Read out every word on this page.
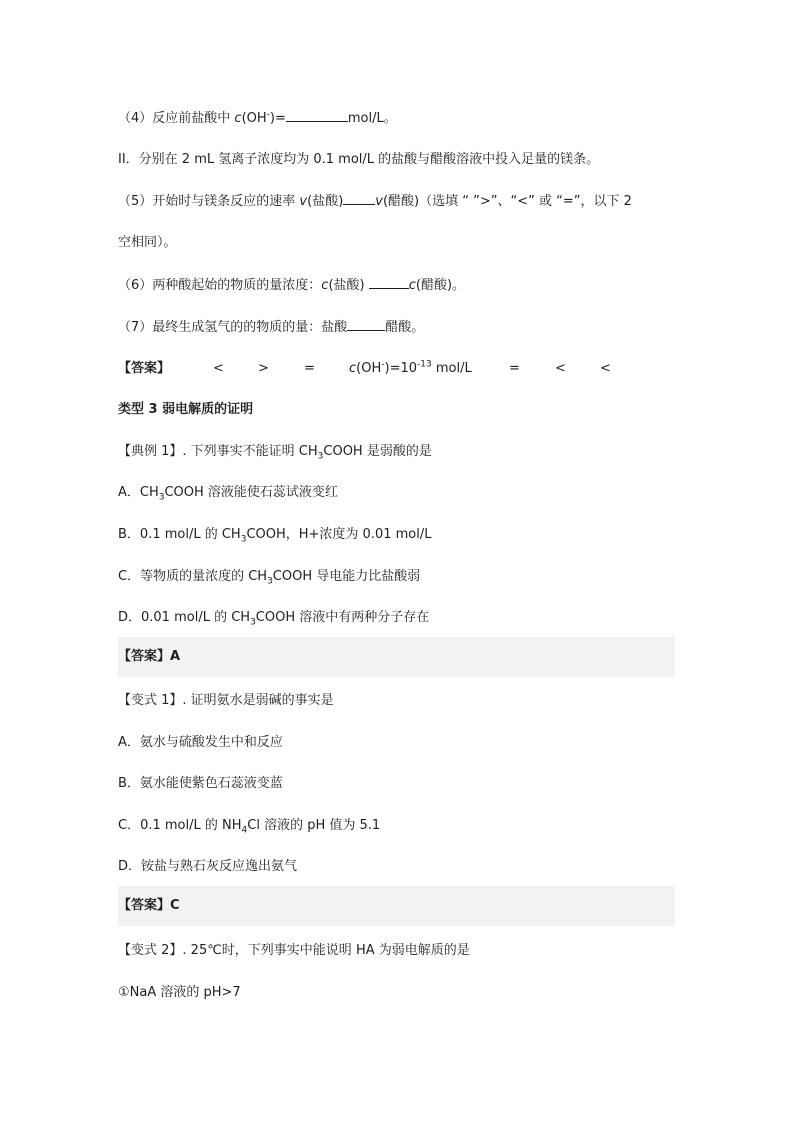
（4）反应前盐酸中 c(OH-)=	mol/L。
II．分别在 2 mL 氢离子浓度均为 0.1 mol/L 的盐酸与醋酸溶液中投入足量的镁条。
（5）开始时与镁条反应的速率 v(盐酸) v(醋酸)（选填 “ ”>”、“<” 或 “=”，以下 2
空相同）。
（6）两种酸起始的物质的量浓度：c(盐酸)	c(醋酸)。
（7）最终生成氢气的的物质的量：盐酸	醋酸。
【答案】	<	>	=	$c(OH^-)=10^{-13}$ mol/L	=	<	<
类型 3 弱电解质的证明
【典例 1】. 下列事实不能证明 $CH_3COOH$ 是弱酸的是
A．$CH_3COOH$ 溶液能使石蕊试液变红
B．0.1 mol/L 的 $CH_3COOH$，H+浓度为 0.01 mol/L
C．等物质的量浓度的 $CH_3COOH$ 导电能力比盐酸弱
D．0.01 mol/L 的 $CH_3COOH$ 溶液中有两种分子存在
【答案】A
【变式 1】. 证明氨水是弱碱的事实是
A．氨水与硫酸发生中和反应
B．氨水能使紫色石蕊液变蓝
C．0.1 mol/L 的 $NH_4Cl$ 溶液的 pH 值为 5.1
D．铵盐与熟石灰反应逸出氨气
【答案】C
【变式 2】. 25℃时，下列事实中能说明 HA 为弱电解质的是
①NaA 溶液的 pH>7
